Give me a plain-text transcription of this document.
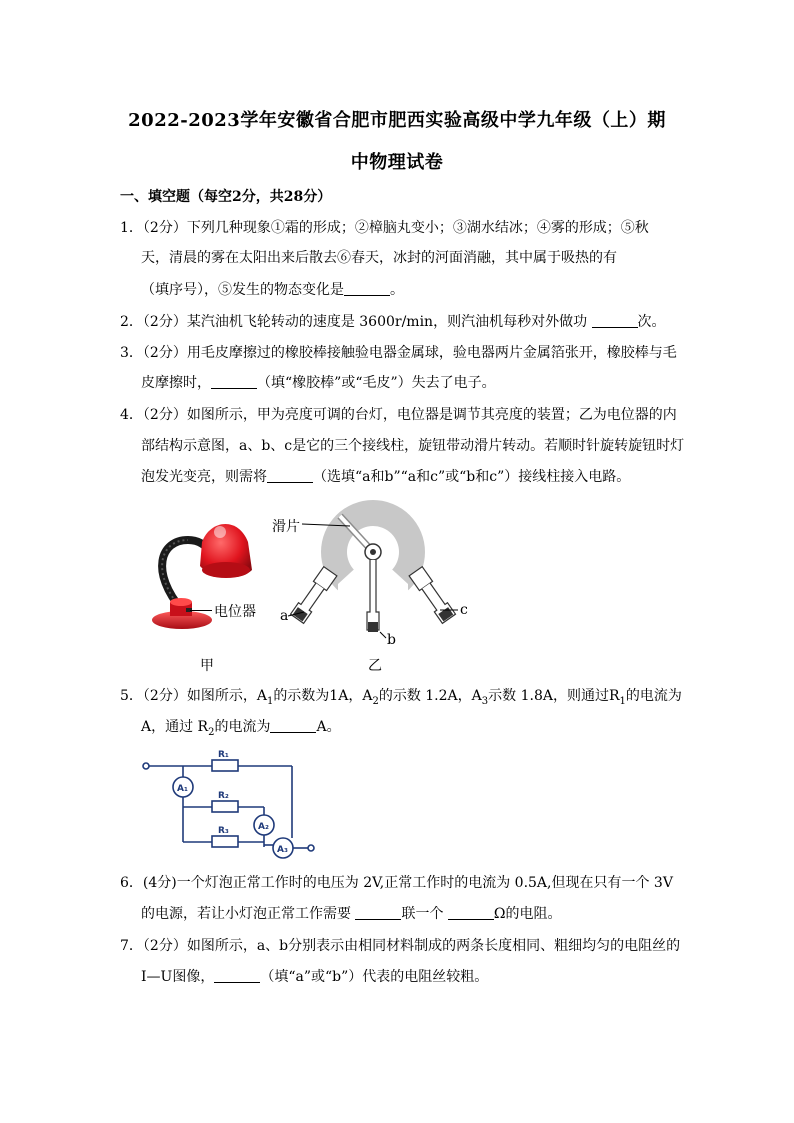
2022-2023学年安徽省合肥市肥西实验高级中学九年级（上）期
中物理试卷
一、填空题（每空2分，共28分）
1．（2分）下列几种现象①霜的形成；②樟脑丸变小；③湖水结冰；④雾的形成；⑤秋
天，清晨的雾在太阳出来后散去⑥春天，冰封的河面消融，其中属于吸热的有
（填序号），⑤发生的物态变化是	。
2．（2分）某汽油机飞轮转动的速度是 3600r/min，则汽油机每秒对外做功	次。
3．（2分）用毛皮摩擦过的橡胶棒接触验电器金属球，验电器两片金属箔张开，橡胶棒与毛
皮摩擦时，	（填“橡胶棒”或“毛皮”）失去了电子。
4．（2分）如图所示，甲为亮度可调的台灯，电位器是调节其亮度的装置；乙为电位器的内
部结构示意图，a、b、c是它的三个接线柱，旋钮带动滑片转动。若顺时针旋转旋钮时灯
泡发光变亮，则需将	（选填“a和b”“a和c”或“b和c”）接线柱接入电路。
电位器
甲
滑片
a
b
c
乙
5．（2分）如图所示，$A_1$的示数为1A，$A_2$的示数 1.2A，$A_3$示数 1.8A，则通过$R_1$的电流为
A，通过 $R_2$的电流为	A。
R₁
R₂
R₃
A₁
A₂
A₃
6．(4分)一个灯泡正常工作时的电压为 2V,正常工作时的电流为 0.5A,但现在只有一个 3V
的电源，若让小灯泡正常工作需要	联一个	Ω的电阻。
7．（2分）如图所示，a、b分别表示由相同材料制成的两条长度相同、粗细均匀的电阻丝的
I—U图像，	（填“a”或“b”）代表的电阻丝较粗。
